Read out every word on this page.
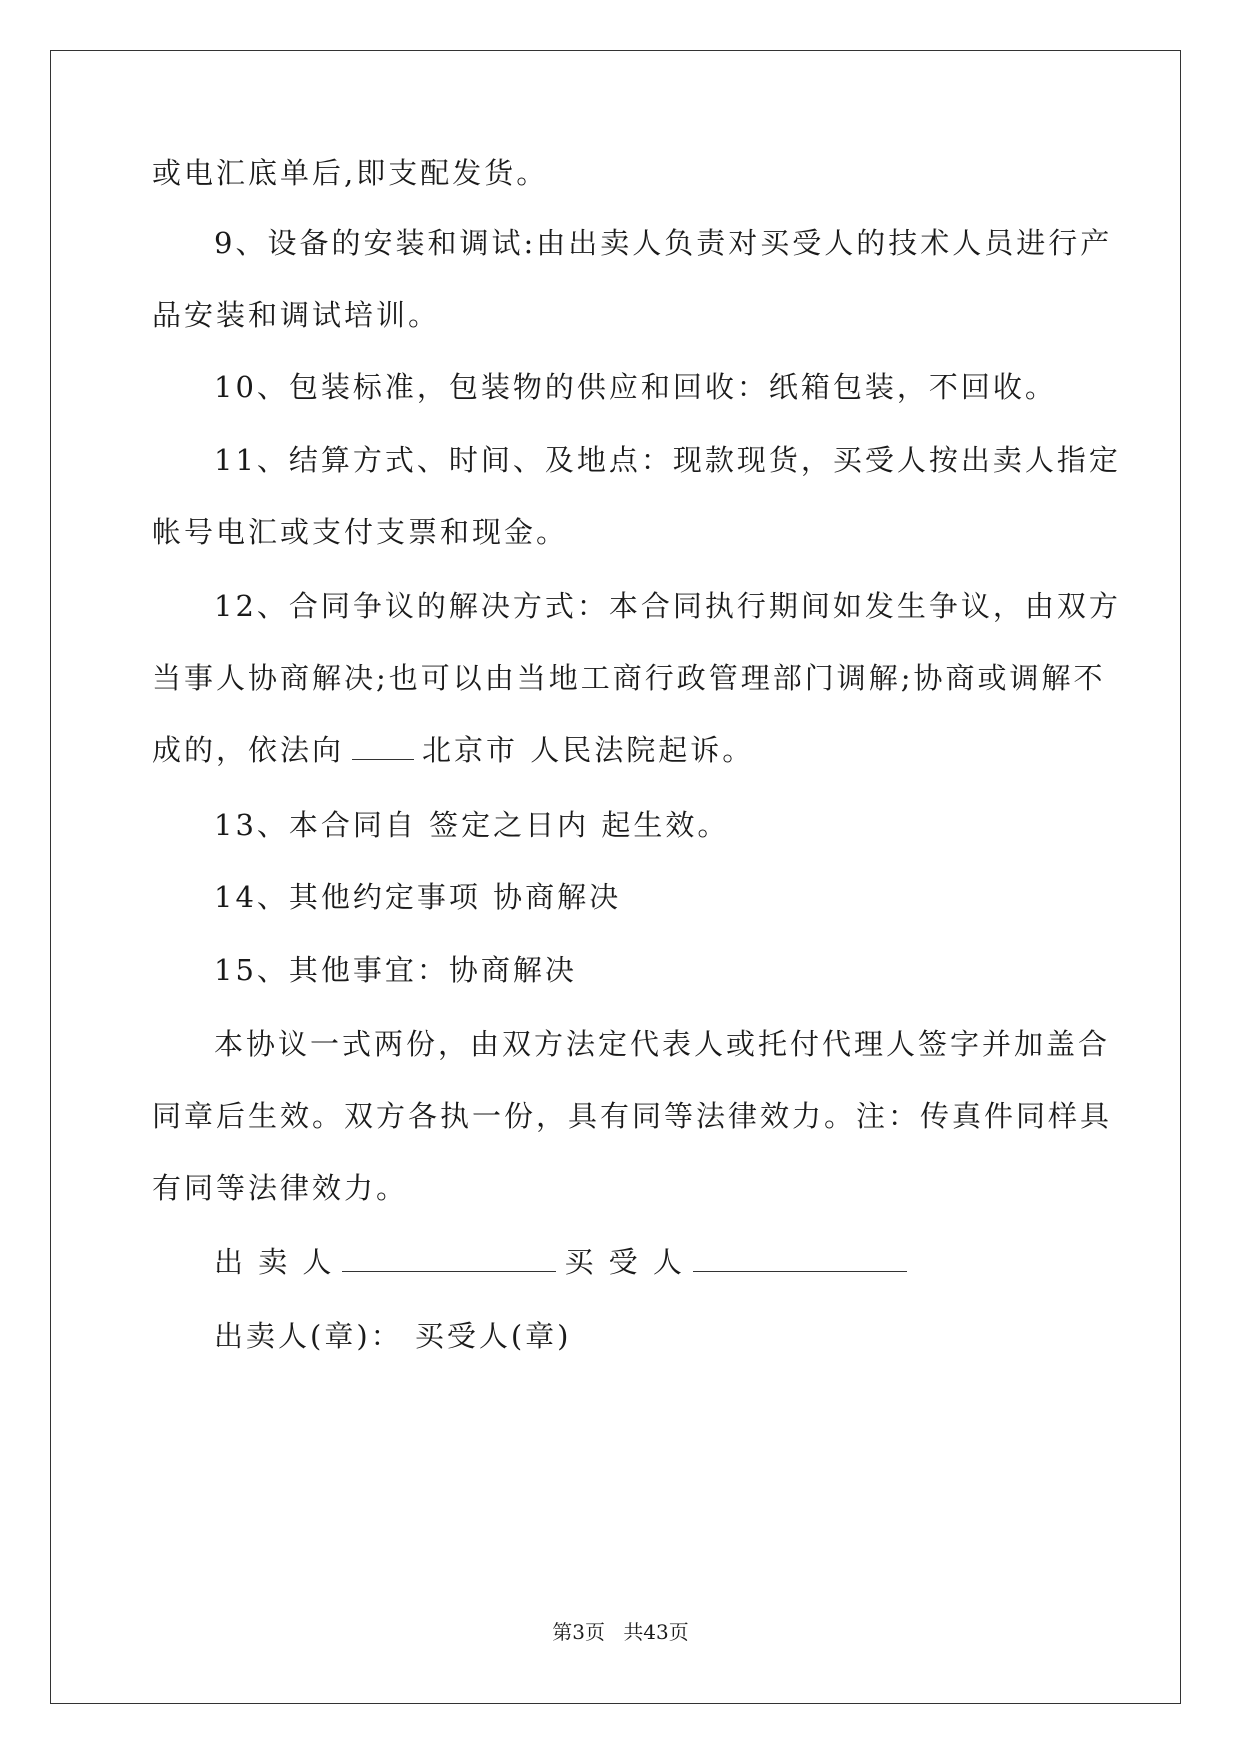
或电汇底单后,即支配发货。
9、设备的安装和调试:由出卖人负责对买受人的技术人员进行产
品安装和调试培训。
10、包装标准，包装物的供应和回收：纸箱包装，不回收。
11、结算方式、时间、及地点：现款现货，买受人按出卖人指定
帐号电汇或支付支票和现金。
12、合同争议的解决方式：本合同执行期间如发生争议，由双方
当事人协商解决;也可以由当地工商行政管理部门调解;协商或调解不
成的，依法向	北京市 人民法院起诉。
13、本合同自 签定之日内 起生效。
14、其他约定事项 协商解决
15、其他事宜：协商解决
本协议一式两份，由双方法定代表人或托付代理人签字并加盖合
同章后生效。双方各执一份，具有同等法律效力。注：传真件同样具
有同等法律效力。
出 卖 人	买 受 人
出卖人(章)： 买受人(章)
第3页 共43页
